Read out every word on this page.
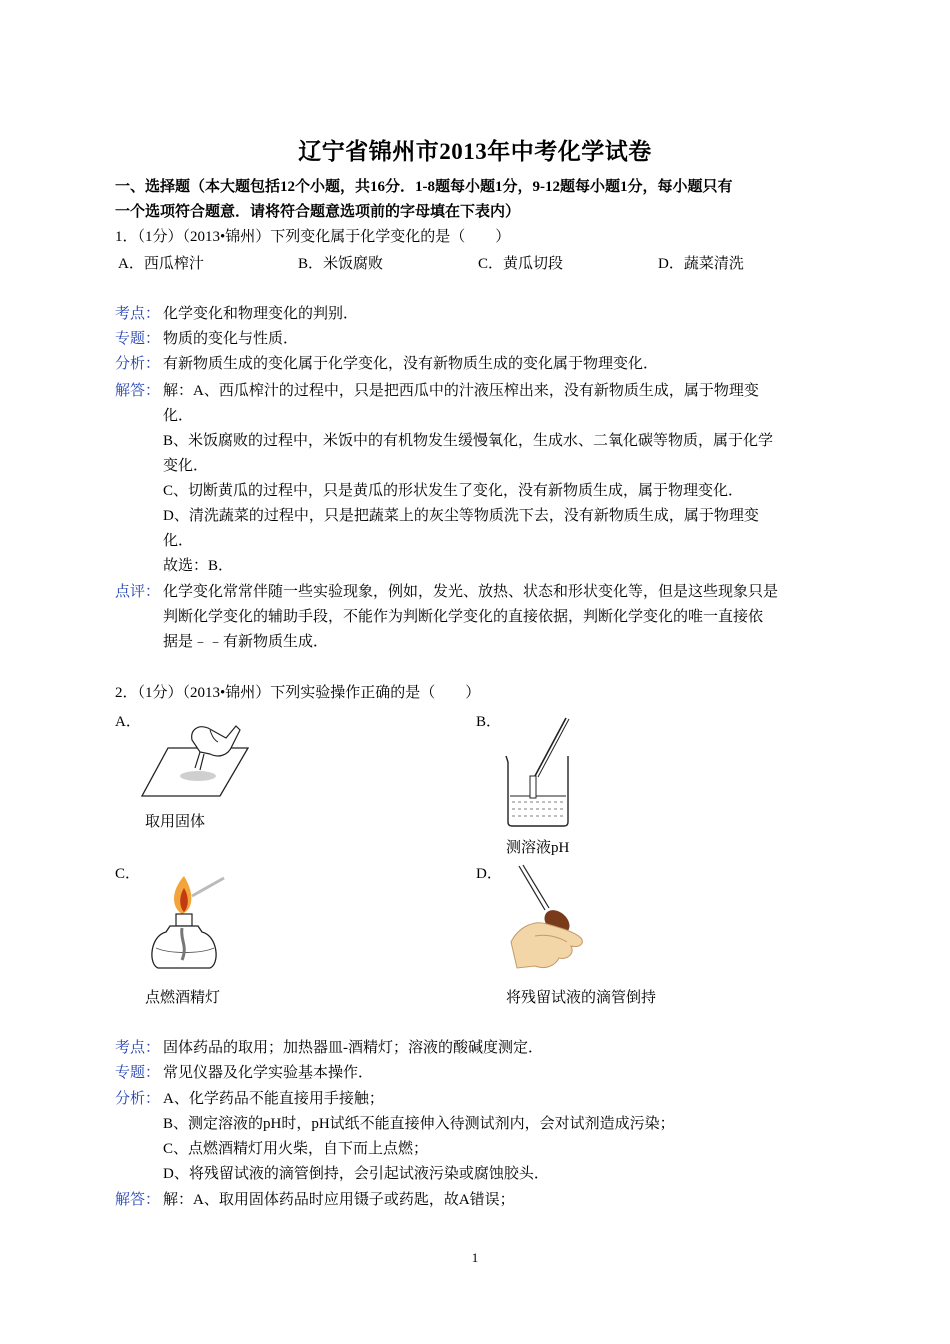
辽宁省锦州市2013年中考化学试卷
一、选择题（本大题包括12个小题，共16分．1-8题每小题1分，9-12题每小题1分，每小题只有
一个选项符合题意．请将符合题意选项前的字母填在下表内）
1．（1分）（2013•锦州）下列变化属于化学变化的是（　　）
A．西瓜榨汁	B．米饭腐败	C．黄瓜切段	D．蔬菜清洗
考点： 化学变化和物理变化的判别．
专题： 物质的变化与性质．
分析： 有新物质生成的变化属于化学变化，没有新物质生成的变化属于物理变化．
解答： 解：A、西瓜榨汁的过程中，只是把西瓜中的汁液压榨出来，没有新物质生成，属于物理变
化．
B、米饭腐败的过程中，米饭中的有机物发生缓慢氧化，生成水、二氧化碳等物质，属于化学
变化．
C、切断黄瓜的过程中，只是黄瓜的形状发生了变化，没有新物质生成，属于物理变化．
D、清洗蔬菜的过程中，只是把蔬菜上的灰尘等物质洗下去，没有新物质生成，属于物理变
化．
故选：B．
点评： 化学变化常常伴随一些实验现象，例如，发光、放热、状态和形状变化等，但是这些现象只是
判断化学变化的辅助手段，不能作为判断化学变化的直接依据，判断化学变化的唯一直接依
据是﹣﹣有新物质生成．
2．（1分）（2013•锦州）下列实验操作正确的是（　　）
A．	B．
取用固体
测溶液pH
C．	D．
点燃酒精灯	将残留试液的滴管倒持
考点： 固体药品的取用；加热器皿-酒精灯；溶液的酸碱度测定．
专题： 常见仪器及化学实验基本操作．
分析： A、化学药品不能直接用手接触；
B、测定溶液的pH时，pH试纸不能直接伸入待测试剂内，会对试剂造成污染；
C、点燃酒精灯用火柴，自下而上点燃；
D、将残留试液的滴管倒持，会引起试液污染或腐蚀胶头．
解答： 解：A、取用固体药品时应用镊子或药匙，故A错误；
1
